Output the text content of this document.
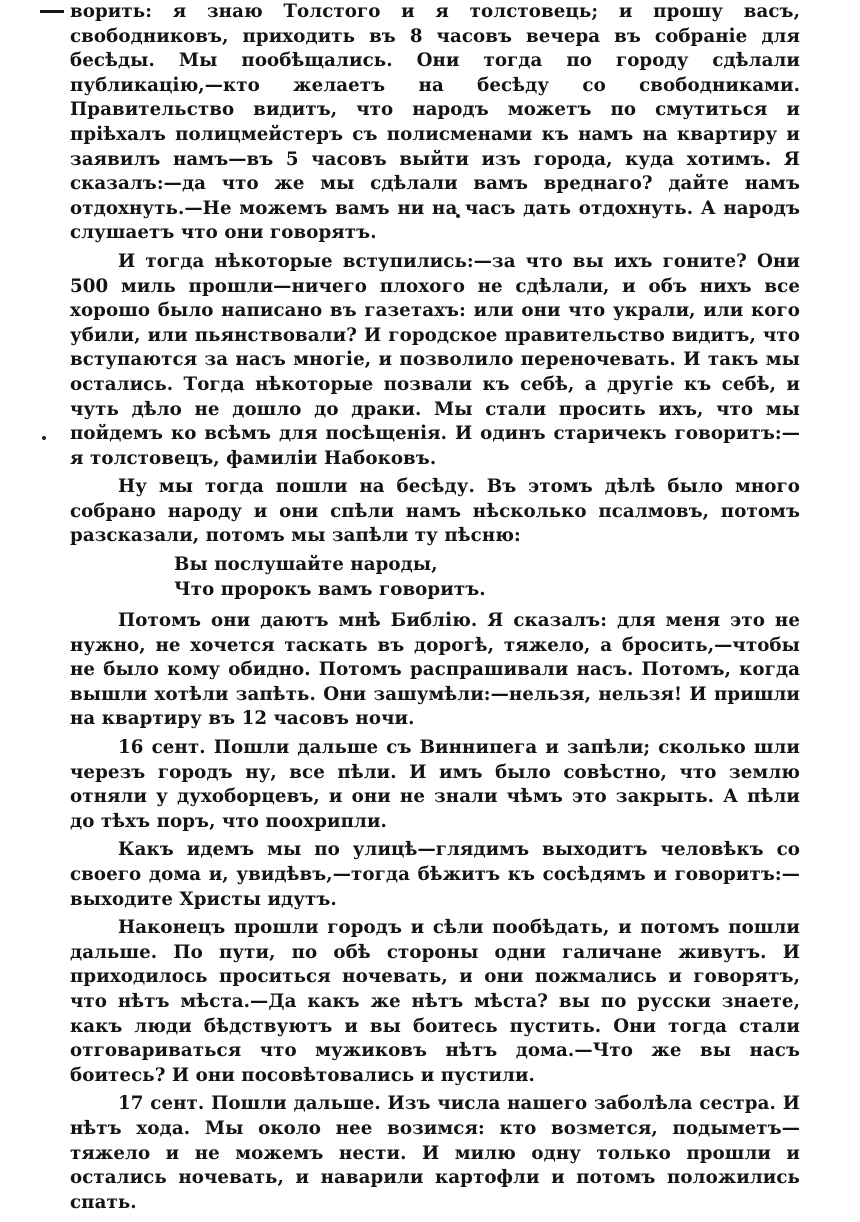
ворить: я знаю Толстого и я толстовець; и прошу васъ, свободниковъ, приходить въ 8 часовъ вечера въ собраніе для бесѣды. Мы пообѣщались. Они тогда по городу сдѣлали публикацію,—кто желаетъ на бесѣду со свободниками. Правительство видитъ, что народъ можетъ по смутиться и пріѣхалъ полицмейстеръ съ полисменами къ намъ на квартиру и заявилъ намъ—въ 5 часовъ выйти изъ города, куда хотимъ. Я сказалъ:—да что же мы сдѣлали вамъ вреднаго? дайте намъ отдохнуть.—Не можемъ вамъ ни на часъ дать отдохнуть. А народъ слушаетъ что они говорятъ.

И тогда нѣкоторые вступились:—за что вы ихъ гоните? Они 500 миль прошли—ничего плохого не сдѣлали, и объ нихъ все хорошо было написано въ газетахъ: или они что украли, или кого убили, или пьянствовали? И городское правительство видитъ, что вступаются за насъ многіе, и позволило переночевать. И такъ мы остались. Тогда нѣкоторые позвали къ себѣ, а другіе къ себѣ, и чуть дѣло не дошло до драки. Мы стали просить ихъ, что мы пойдемъ ко всѣмъ для посѣщенія. И одинъ старичекъ говоритъ:—я толстовецъ, фамиліи Набоковъ.

Ну мы тогда пошли на бесѣду. Въ этомъ дѣлѣ было много собрано народу и они спѣли намъ нѣсколько псалмовъ, потомъ разсказали, потомъ мы запѣли ту пѣсню:

Вы послушайте народы,
Что пророкъ вамъ говоритъ.

Потомъ они даютъ мнѣ Библію. Я сказалъ: для меня это не нужно, не хочется таскать въ дорогѣ, тяжело, а бросить,—чтобы не было кому обидно. Потомъ распрашивали насъ. Потомъ, когда вышли хотѣли запѣть. Они зашумѣли:—нельзя, нельзя! И пришли на квартиру въ 12 часовъ ночи.

16 сент. Пошли дальше съ Виннипега и запѣли; сколько шли черезъ городъ ну, все пѣли. И имъ было совѣстно, что землю отняли у духоборцевъ, и они не знали чѣмъ это закрыть. А пѣли до тѣхъ поръ, что поохрипли.

Какъ идемъ мы по улицѣ—глядимъ выходитъ человѣкъ со своего дома и, увидѣвъ,—тогда бѣжитъ къ сосѣдямъ и говоритъ:—выходите Христы идутъ.

Наконецъ прошли городъ и сѣли пообѣдать, и потомъ пошли дальше. По пути, по обѣ стороны одни галичане живутъ. И приходилось проситься ночевать, и они пожмались и говорятъ, что нѣтъ мѣста.—Да какъ же нѣтъ мѣста? вы по русски знаете, какъ люди бѣдствуютъ и вы боитесь пустить. Они тогда стали отговариваться что мужиковъ нѣтъ дома.—Что же вы насъ боитесь? И они посовѣтовались и пустили.

17 сент. Пошли дальше. Изъ числа нашего заболѣла сестра. И нѣтъ хода. Мы около нее возимся: кто возмется, подыметъ—тяжело и не можемъ нести. И милю одну только прошли и остались ночевать, и наварили картофли и потомъ положились спать.
